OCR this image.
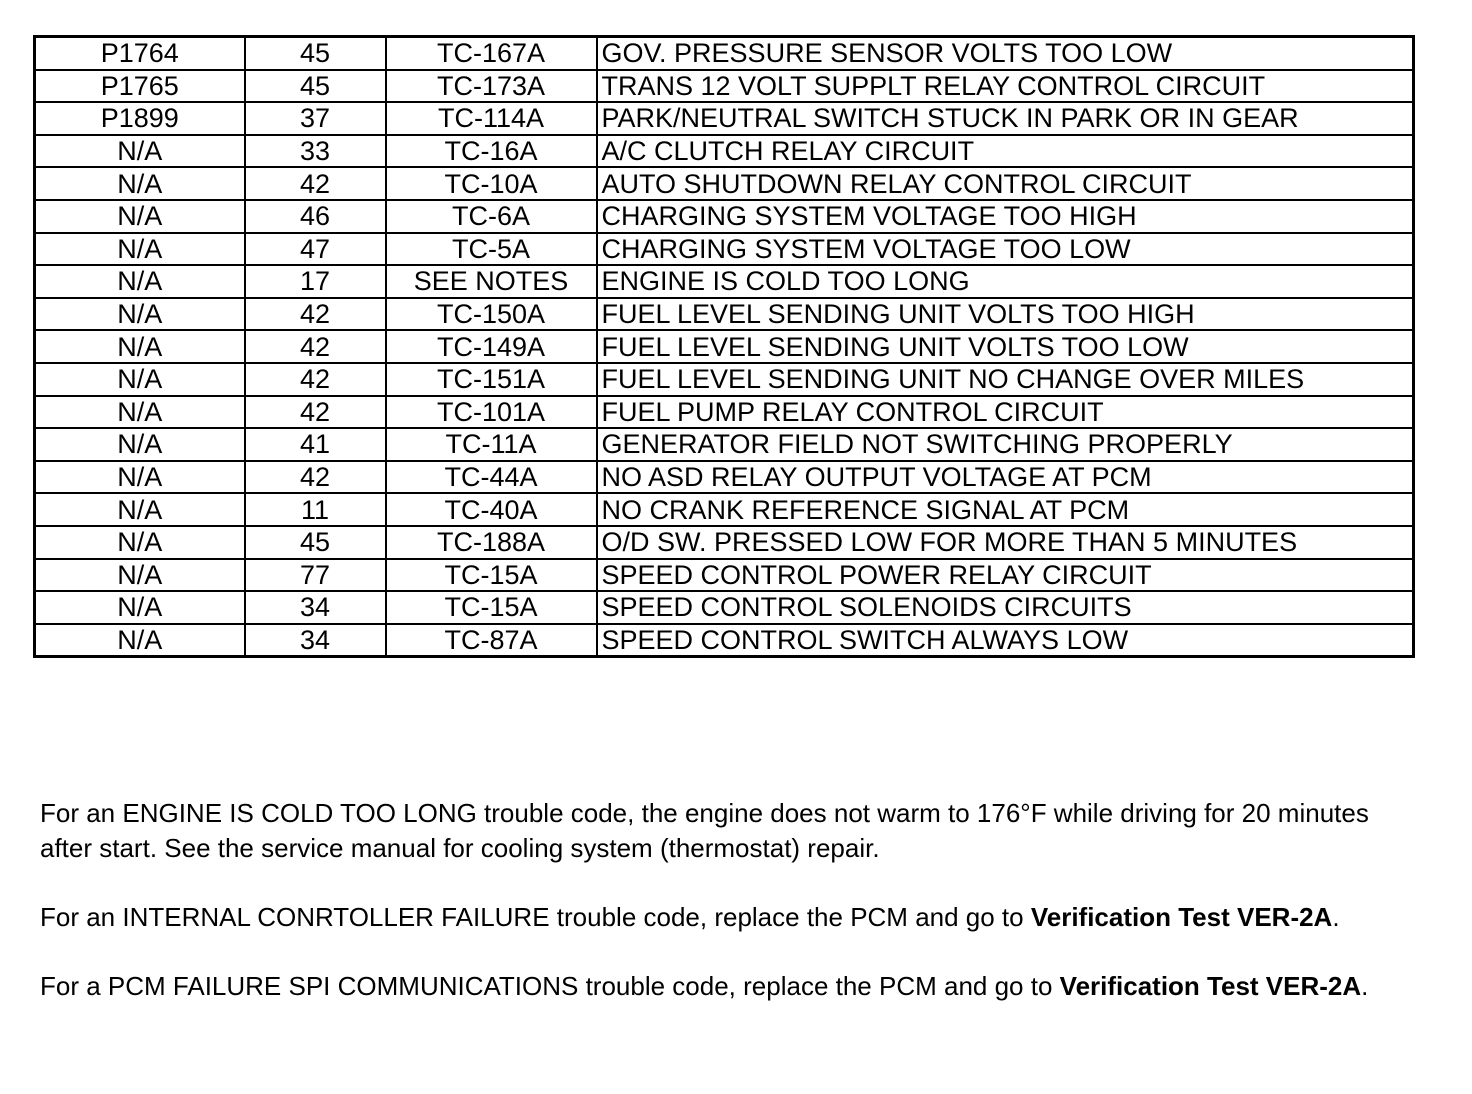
P1764	45	TC-167A	GOV. PRESSURE SENSOR VOLTS TOO LOW
P1765	45	TC-173A	TRANS 12 VOLT SUPPLT RELAY CONTROL CIRCUIT
P1899	37	TC-114A	PARK/NEUTRAL SWITCH STUCK IN PARK OR IN GEAR
N/A	33	TC-16A	A/C CLUTCH RELAY CIRCUIT
N/A	42	TC-10A	AUTO SHUTDOWN RELAY CONTROL CIRCUIT
N/A	46	TC-6A	CHARGING SYSTEM VOLTAGE TOO HIGH
N/A	47	TC-5A	CHARGING SYSTEM VOLTAGE TOO LOW
N/A	17	SEE NOTES	ENGINE IS COLD TOO LONG
N/A	42	TC-150A	FUEL LEVEL SENDING UNIT VOLTS TOO HIGH
N/A	42	TC-149A	FUEL LEVEL SENDING UNIT VOLTS TOO LOW
N/A	42	TC-151A	FUEL LEVEL SENDING UNIT NO CHANGE OVER MILES
N/A	42	TC-101A	FUEL PUMP RELAY CONTROL CIRCUIT
N/A	41	TC-11A	GENERATOR FIELD NOT SWITCHING PROPERLY
N/A	42	TC-44A	NO ASD RELAY OUTPUT VOLTAGE AT PCM
N/A	11	TC-40A	NO CRANK REFERENCE SIGNAL AT PCM
N/A	45	TC-188A	O/D SW. PRESSED LOW FOR MORE THAN 5 MINUTES
N/A	77	TC-15A	SPEED CONTROL POWER RELAY CIRCUIT
N/A	34	TC-15A	SPEED CONTROL SOLENOIDS CIRCUITS
N/A	34	TC-87A	SPEED CONTROL SWITCH ALWAYS LOW

For an ENGINE IS COLD TOO LONG trouble code, the engine does not warm to 176°F while driving for 20 minutes after start. See the service manual for cooling system (thermostat) repair.

For an INTERNAL CONRTOLLER FAILURE trouble code, replace the PCM and go to Verification Test VER-2A.

For a PCM FAILURE SPI COMMUNICATIONS trouble code, replace the PCM and go to Verification Test VER-2A.
